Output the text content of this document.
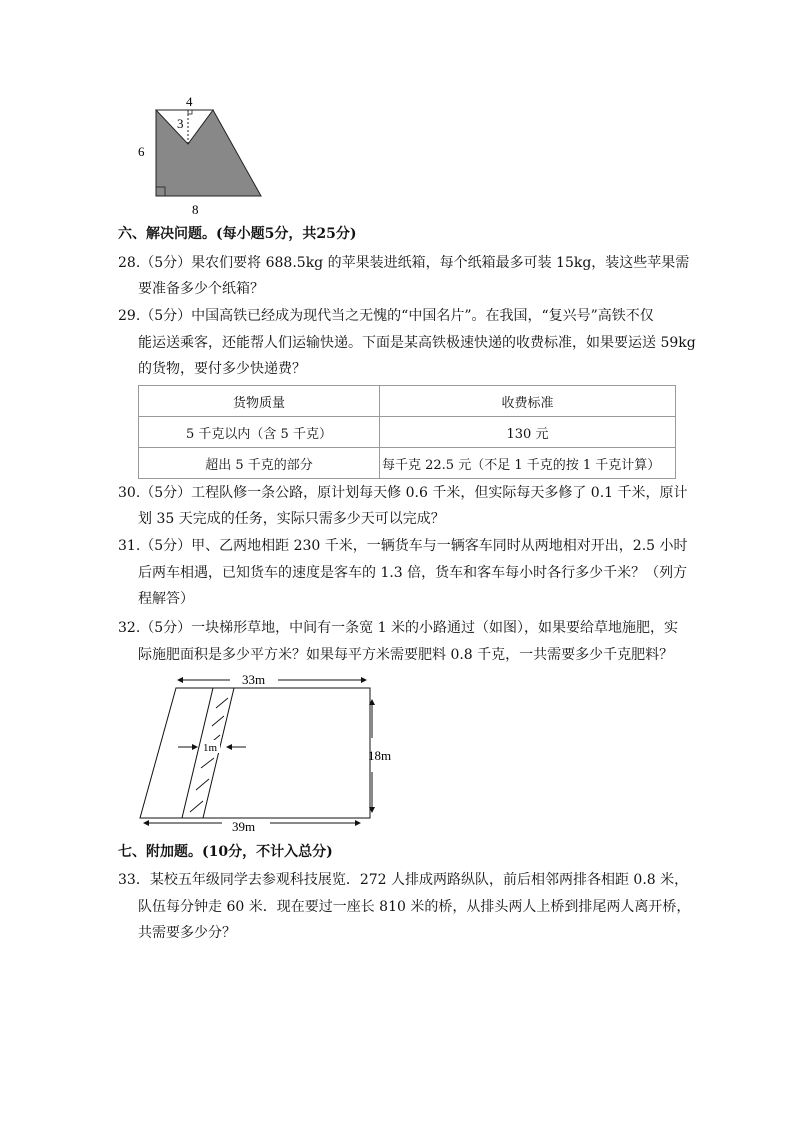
4
3
6
8
六、解决问题。(每小题5分，共25分)
28.（5分）果农们要将 688.5kg 的苹果装进纸箱，每个纸箱最多可装 15kg，装这些苹果需
要准备多少个纸箱？
29.（5分）中国高铁已经成为现代当之无愧的“中国名片”。在我国，“复兴号”高铁不仅
能运送乘客，还能帮人们运输快递。下面是某高铁极速快递的收费标准，如果要运送 59kg
的货物，要付多少快递费？
货物质量	收费标准
5 千克以内（含 5 千克）	130 元
超出 5 千克的部分	每千克 22.5 元（不足 1 千克的按 1 千克计算）
30.（5分）工程队修一条公路，原计划每天修 0.6 千米，但实际每天多修了 0.1 千米，原计
划 35 天完成的任务，实际只需多少天可以完成？
31.（5分）甲、乙两地相距 230 千米，一辆货车与一辆客车同时从两地相对开出，2.5 小时
后两车相遇，已知货车的速度是客车的 1.3 倍，货车和客车每小时各行多少千米？（列方
程解答）
32.（5分）一块梯形草地，中间有一条宽 1 米的小路通过（如图），如果要给草地施肥，实
际施肥面积是多少平方米？如果每平方米需要肥料 0.8 千克，一共需要多少千克肥料？
33m
18m
39m
1m
七、附加题。(10分，不计入总分)
33．某校五年级同学去参观科技展览．272 人排成两路纵队，前后相邻两排各相距 0.8 米，
队伍每分钟走 60 米．现在要过一座长 810 米的桥，从排头两人上桥到排尾两人离开桥，
共需要多少分？
